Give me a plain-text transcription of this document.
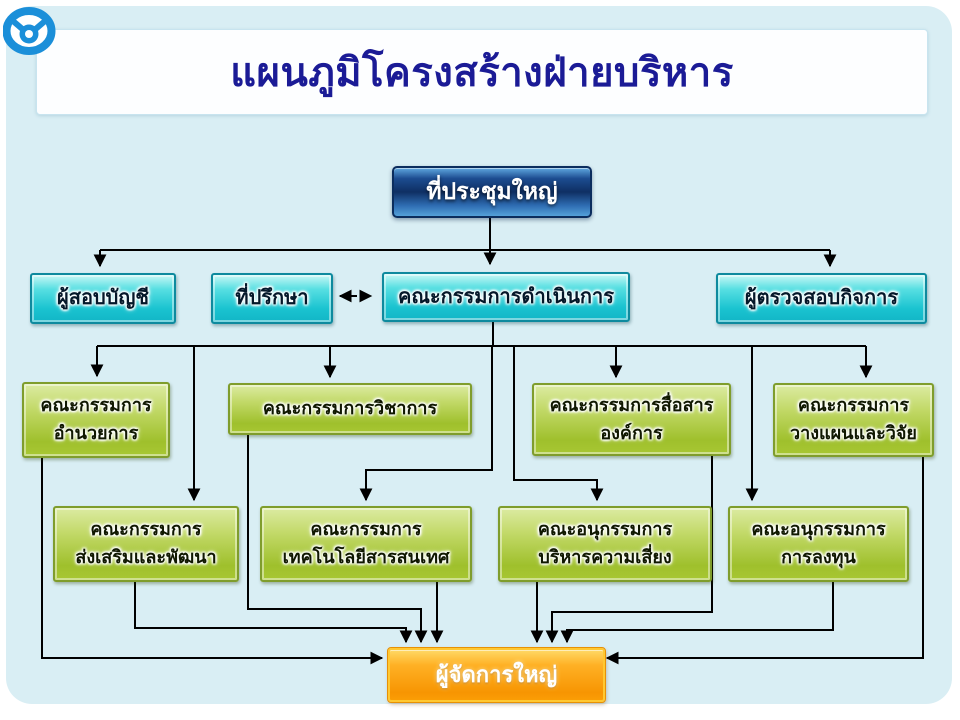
แผนภูมิโครงสร้างฝ่ายบริหาร
ที่ประชุมใหญ่
ผู้สอบบัญชี	ที่ปรึกษา	คณะกรรมการดำเนินการ	ผู้ตรวจสอบกิจการ
คณะกรรมการ
อำนวยการ
คณะกรรมการวิชาการ	คณะกรรมการสื่อสาร
องค์การ
คณะกรรมการ
วางแผนและวิจัย
คณะกรรมการ
ส่งเสริมและพัฒนา
คณะกรรมการ
เทคโนโลยีสารสนเทศ
คณะอนุกรรมการ
บริหารความเสี่ยง
คณะอนุกรรมการ
การลงทุน
ผู้จัดการใหญ่
